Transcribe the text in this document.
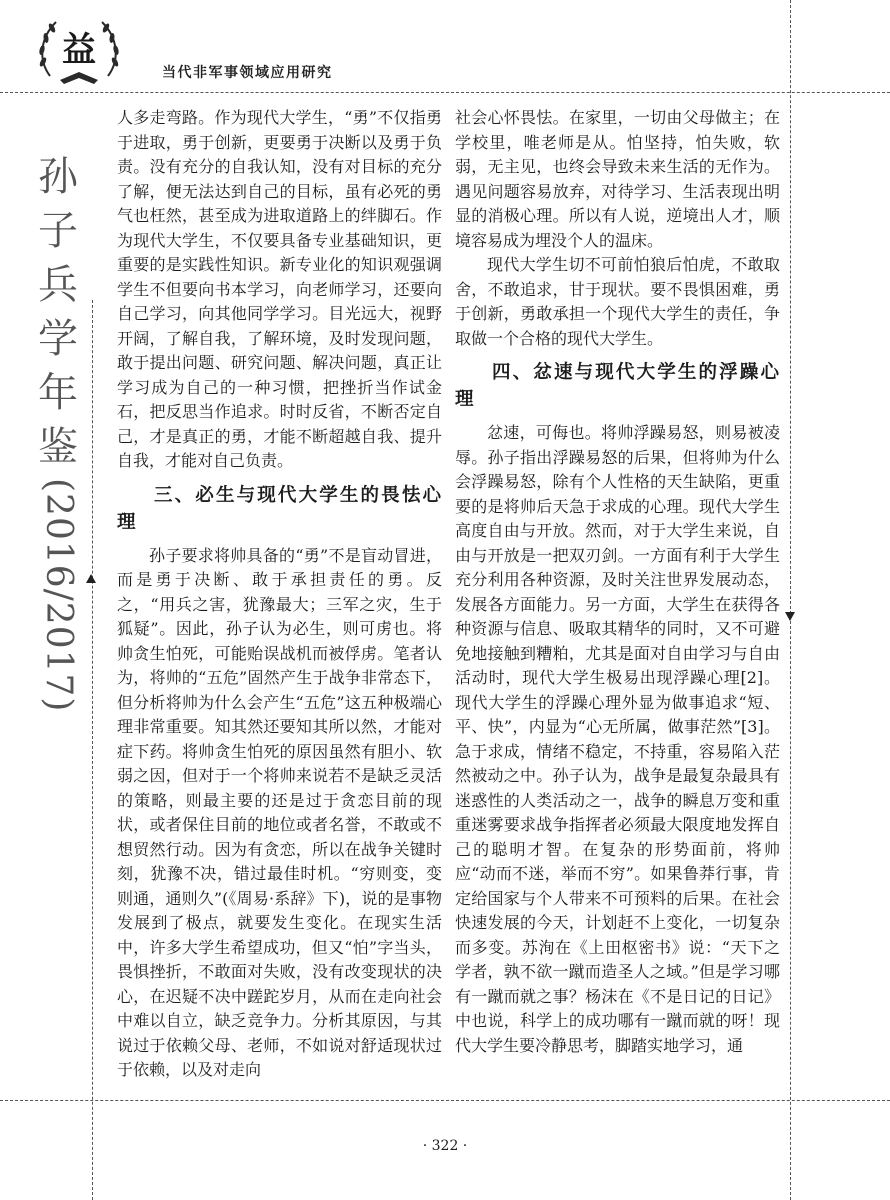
益
当代非军事领域应用研究
孙
子
兵
学
年
鉴
(2016/2017)

人多走弯路。作为现代大学生，“勇”不仅指勇于进取，勇于创新，更要勇于决断以及勇于负责。没有充分的自我认知，没有对目标的充分了解，便无法达到自己的目标，虽有必死的勇气也枉然，甚至成为进取道路上的绊脚石。作为现代大学生，不仅要具备专业基础知识，更重要的是实践性知识。新专业化的知识观强调学生不但要向书本学习，向老师学习，还要向自己学习，向其他同学学习。目光远大，视野开阔，了解自我，了解环境，及时发现问题，敢于提出问题、研究问题、解决问题，真正让学习成为自己的一种习惯，把挫折当作试金石，把反思当作追求。时时反省，不断否定自己，才是真正的勇，才能不断超越自我、提升自我，才能对自己负责。

三、必生与现代大学生的畏怯心理

孙子要求将帅具备的“勇”不是盲动冒进，而是勇于决断、敢于承担责任的勇。反之，“用兵之害，犹豫最大；三军之灾，生于狐疑”。因此，孙子认为必生，则可虏也。将帅贪生怕死，可能贻误战机而被俘虏。笔者认为，将帅的“五危”固然产生于战争非常态下，但分析将帅为什么会产生“五危”这五种极端心理非常重要。知其然还要知其所以然，才能对症下药。将帅贪生怕死的原因虽然有胆小、软弱之因，但对于一个将帅来说若不是缺乏灵活的策略，则最主要的还是过于贪恋目前的现状，或者保住目前的地位或者名誉，不敢或不想贸然行动。因为有贪恋，所以在战争关键时刻，犹豫不决，错过最佳时机。“穷则变，变则通，通则久”(《周易·系辞》下)，说的是事物发展到了极点，就要发生变化。在现实生活中，许多大学生希望成功，但又“怕”字当头，畏惧挫折，不敢面对失败，没有改变现状的决心，在迟疑不决中蹉跎岁月，从而在走向社会中难以自立，缺乏竞争力。分析其原因，与其说过于依赖父母、老师，不如说对舒适现状过于依赖，以及对走向

社会心怀畏怯。在家里，一切由父母做主；在学校里，唯老师是从。怕坚持，怕失败，软弱，无主见，也终会导致未来生活的无作为。遇见问题容易放弃，对待学习、生活表现出明显的消极心理。所以有人说，逆境出人才，顺境容易成为埋没个人的温床。

现代大学生切不可前怕狼后怕虎，不敢取舍，不敢追求，甘于现状。要不畏惧困难，勇于创新，勇敢承担一个现代大学生的责任，争取做一个合格的现代大学生。

四、忿速与现代大学生的浮躁心理

忿速，可侮也。将帅浮躁易怒，则易被凌辱。孙子指出浮躁易怒的后果，但将帅为什么会浮躁易怒，除有个人性格的天生缺陷，更重要的是将帅后天急于求成的心理。现代大学生高度自由与开放。然而，对于大学生来说，自由与开放是一把双刃剑。一方面有利于大学生充分利用各种资源，及时关注世界发展动态，发展各方面能力。另一方面，大学生在获得各种资源与信息、吸取其精华的同时，又不可避免地接触到糟粕，尤其是面对自由学习与自由活动时，现代大学生极易出现浮躁心理[2]。现代大学生的浮躁心理外显为做事追求“短、平、快”，内显为“心无所属，做事茫然”[3]。急于求成，情绪不稳定，不持重，容易陷入茫然被动之中。孙子认为，战争是最复杂最具有迷惑性的人类活动之一，战争的瞬息万变和重重迷雾要求战争指挥者必须最大限度地发挥自己的聪明才智。在复杂的形势面前，将帅应“动而不迷，举而不穷”。如果鲁莽行事，肯定给国家与个人带来不可预料的后果。在社会快速发展的今天，计划赶不上变化，一切复杂而多变。苏洵在《上田枢密书》说：“天下之学者，孰不欲一蹴而造圣人之域。”但是学习哪有一蹴而就之事？杨沫在《不是日记的日记》中也说，科学上的成功哪有一蹴而就的呀！现代大学生要冷静思考，脚踏实地学习，通

· 322 ·
